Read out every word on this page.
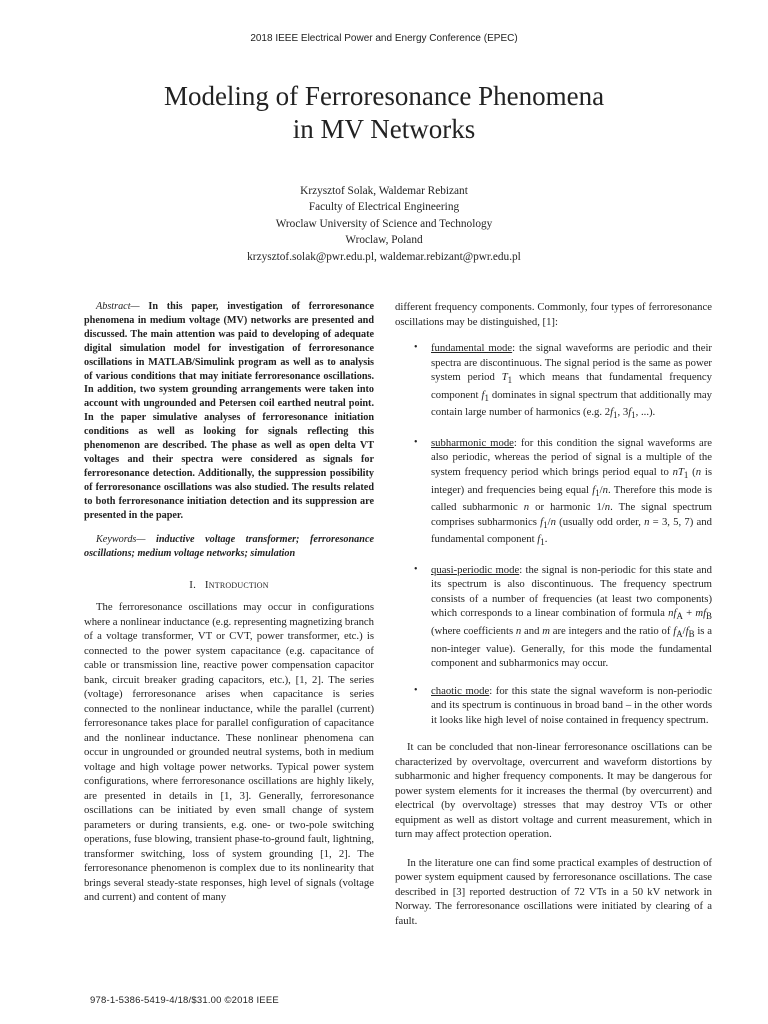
2018 IEEE Electrical Power and Energy Conference (EPEC)
Modeling of Ferroresonance Phenomena
in MV Networks
Krzysztof Solak, Waldemar Rebizant
Faculty of Electrical Engineering
Wroclaw University of Science and Technology
Wroclaw, Poland
krzysztof.solak@pwr.edu.pl, waldemar.rebizant@pwr.edu.pl

Abstract— In this paper, investigation of ferroresonance phenomena in medium voltage (MV) networks are presented and discussed. The main attention was paid to developing of adequate digital simulation model for investigation of ferroresonance oscillations in MATLAB/Simulink program as well as to analysis of various conditions that may initiate ferroresonance oscillations. In addition, two system grounding arrangements were taken into account with ungrounded and Petersen coil earthed neutral point. In the paper simulative analyses of ferroresonance initiation conditions as well as looking for signals reflecting this phenomenon are described. The phase as well as open delta VT voltages and their spectra were considered as signals for ferroresonance detection. Additionally, the suppression possibility of ferroresonance oscillations was also studied. The results related to both ferroresonance initiation detection and its suppression are presented in the paper.

Keywords— inductive voltage transformer; ferroresonance oscillations; medium voltage networks; simulation

I. Introduction

The ferroresonance oscillations may occur in configurations where a nonlinear inductance (e.g. representing magnetizing branch of a voltage transformer, VT or CVT, power transformer, etc.) is connected to the power system capacitance (e.g. capacitance of cable or transmission line, reactive power compensation capacitor bank, circuit breaker grading capacitors, etc.), [1, 2]. The series (voltage) ferroresonance arises when capacitance is series connected to the nonlinear inductance, while the parallel (current) ferroresonance takes place for parallel configuration of capacitance and the nonlinear inductance. These nonlinear phenomena can occur in ungrounded or grounded neutral systems, both in medium voltage and high voltage power networks. Typical power system configurations, where ferroresonance oscillations are highly likely, are presented in details in [1, 3]. Generally, ferroresonance oscillations can be initiated by even small change of system parameters or during transients, e.g. one- or two-pole switching operations, fuse blowing, transient phase-to-ground fault, lightning, transformer switching, loss of system grounding [1, 2]. The ferroresonance phenomenon is complex due to its nonlinearity that brings several steady-state responses, high level of signals (voltage and current) and content of many

different frequency components. Commonly, four types of ferroresonance oscillations may be distinguished, [1]:

• fundamental mode: the signal waveforms are periodic and their spectra are discontinuous. The signal period is the same as power system period $T_1$ which means that fundamental frequency component $f_1$ dominates in signal spectrum that additionally may contain large number of harmonics (e.g. $2f_1$, $3f_1$, ...).
• subharmonic mode: for this condition the signal waveforms are also periodic, whereas the period of signal is a multiple of the system frequency period which brings period equal to $nT_1$ (n is integer) and frequencies being equal $f_1/n$. Therefore this mode is called subharmonic n or harmonic 1/n. The signal spectrum comprises subharmonics $f_1/n$ (usually odd order, n = 3, 5, 7) and fundamental component $f_1$.
• quasi-periodic mode: the signal is non-periodic for this state and its spectrum is also discontinuous. The frequency spectrum consists of a number of frequencies (at least two components) which corresponds to a linear combination of formula $nf_A + mf_B$ (where coefficients n and m are integers and the ratio of $f_A/f_B$ is a non-integer value). Generally, for this mode the fundamental component and subharmonics may occur.
• chaotic mode: for this state the signal waveform is non-periodic and its spectrum is continuous in broad band – in the other words it looks like high level of noise contained in frequency spectrum.

It can be concluded that non-linear ferroresonance oscillations can be characterized by overvoltage, overcurrent and waveform distortions by subharmonic and higher frequency components. It may be dangerous for power system elements for it increases the thermal (by overcurrent) and electrical (by overvoltage) stresses that may destroy VTs or other equipment as well as distort voltage and current measurement, which in turn may affect protection operation.

In the literature one can find some practical examples of destruction of power system equipment caused by ferroresonance oscillations. The case described in [3] reported destruction of 72 VTs in a 50 kV network in Norway. The ferroresonance oscillations were initiated by clearing of a fault.

978-1-5386-5419-4/18/$31.00 ©2018 IEEE
